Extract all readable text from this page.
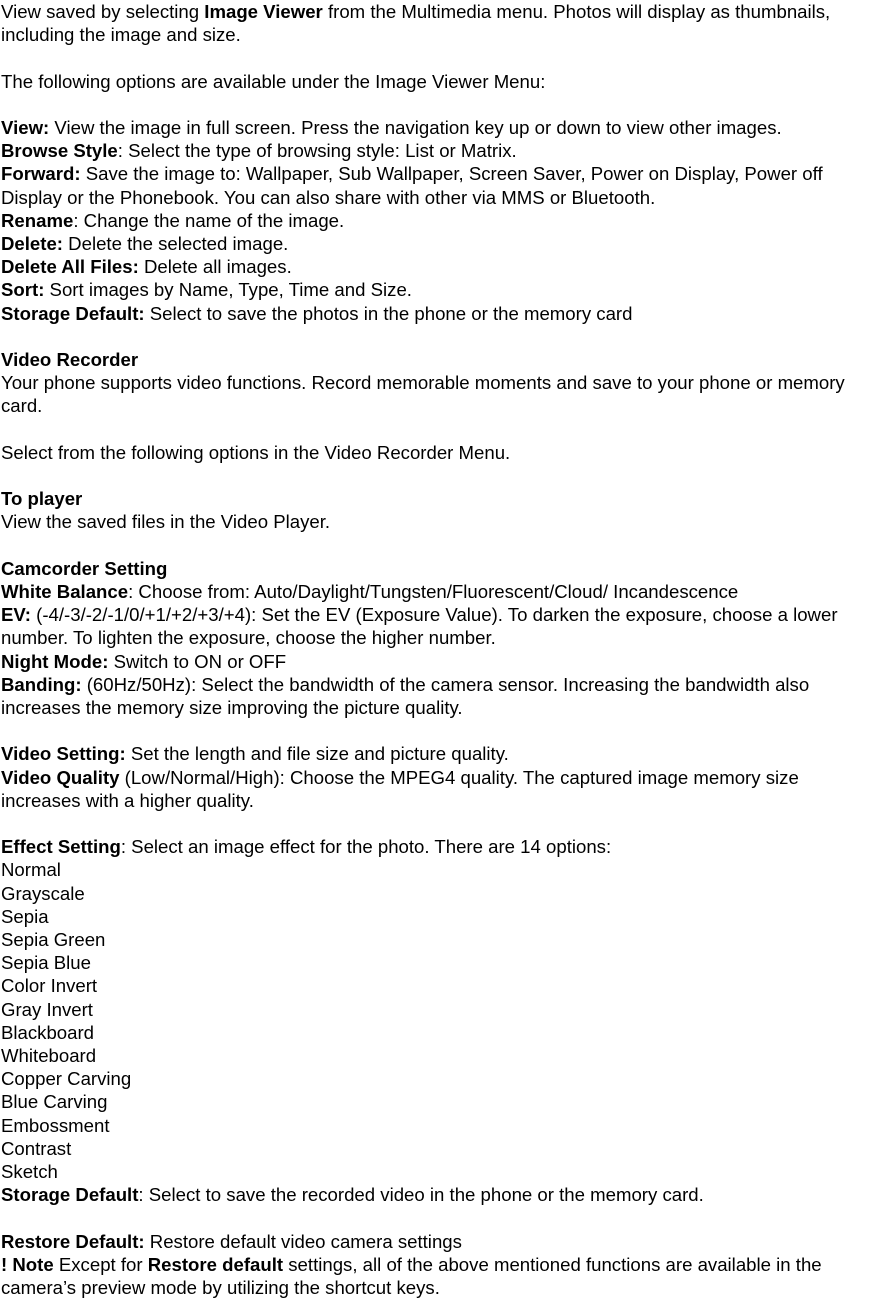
View saved by selecting Image Viewer from the Multimedia menu. Photos will display as thumbnails, including the image and size.

The following options are available under the Image Viewer Menu:

View: View the image in full screen. Press the navigation key up or down to view other images.

Browse Style: Select the type of browsing style: List or Matrix.

Forward: Save the image to: Wallpaper, Sub Wallpaper, Screen Saver, Power on Display, Power off Display or the Phonebook. You can also share with other via MMS or Bluetooth.

Rename: Change the name of the image.

Delete: Delete the selected image.

Delete All Files: Delete all images.

Sort: Sort images by Name, Type, Time and Size.

Storage Default: Select to save the photos in the phone or the memory card

Video Recorder

Your phone supports video functions. Record memorable moments and save to your phone or memory card.

Select from the following options in the Video Recorder Menu.

To player

View the saved files in the Video Player.

Camcorder Setting

White Balance: Choose from: Auto/Daylight/Tungsten/Fluorescent/Cloud/ Incandescence

EV: (-4/-3/-2/-1/0/+1/+2/+3/+4): Set the EV (Exposure Value). To darken the exposure, choose a lower number. To lighten the exposure, choose the higher number.

Night Mode: Switch to ON or OFF

Banding: (60Hz/50Hz): Select the bandwidth of the camera sensor. Increasing the bandwidth also increases the memory size improving the picture quality.

Video Setting: Set the length and file size and picture quality.

Video Quality (Low/Normal/High): Choose the MPEG4 quality. The captured image memory size increases with a higher quality.

Effect Setting: Select an image effect for the photo. There are 14 options:

Normal

Grayscale

Sepia

Sepia Green

Sepia Blue

Color Invert

Gray Invert

Blackboard

Whiteboard

Copper Carving

Blue Carving

Embossment

Contrast

Sketch

Storage Default: Select to save the recorded video in the phone or the memory card.

Restore Default: Restore default video camera settings

! Note Except for Restore default settings, all of the above mentioned functions are available in the camera’s preview mode by utilizing the shortcut keys.
